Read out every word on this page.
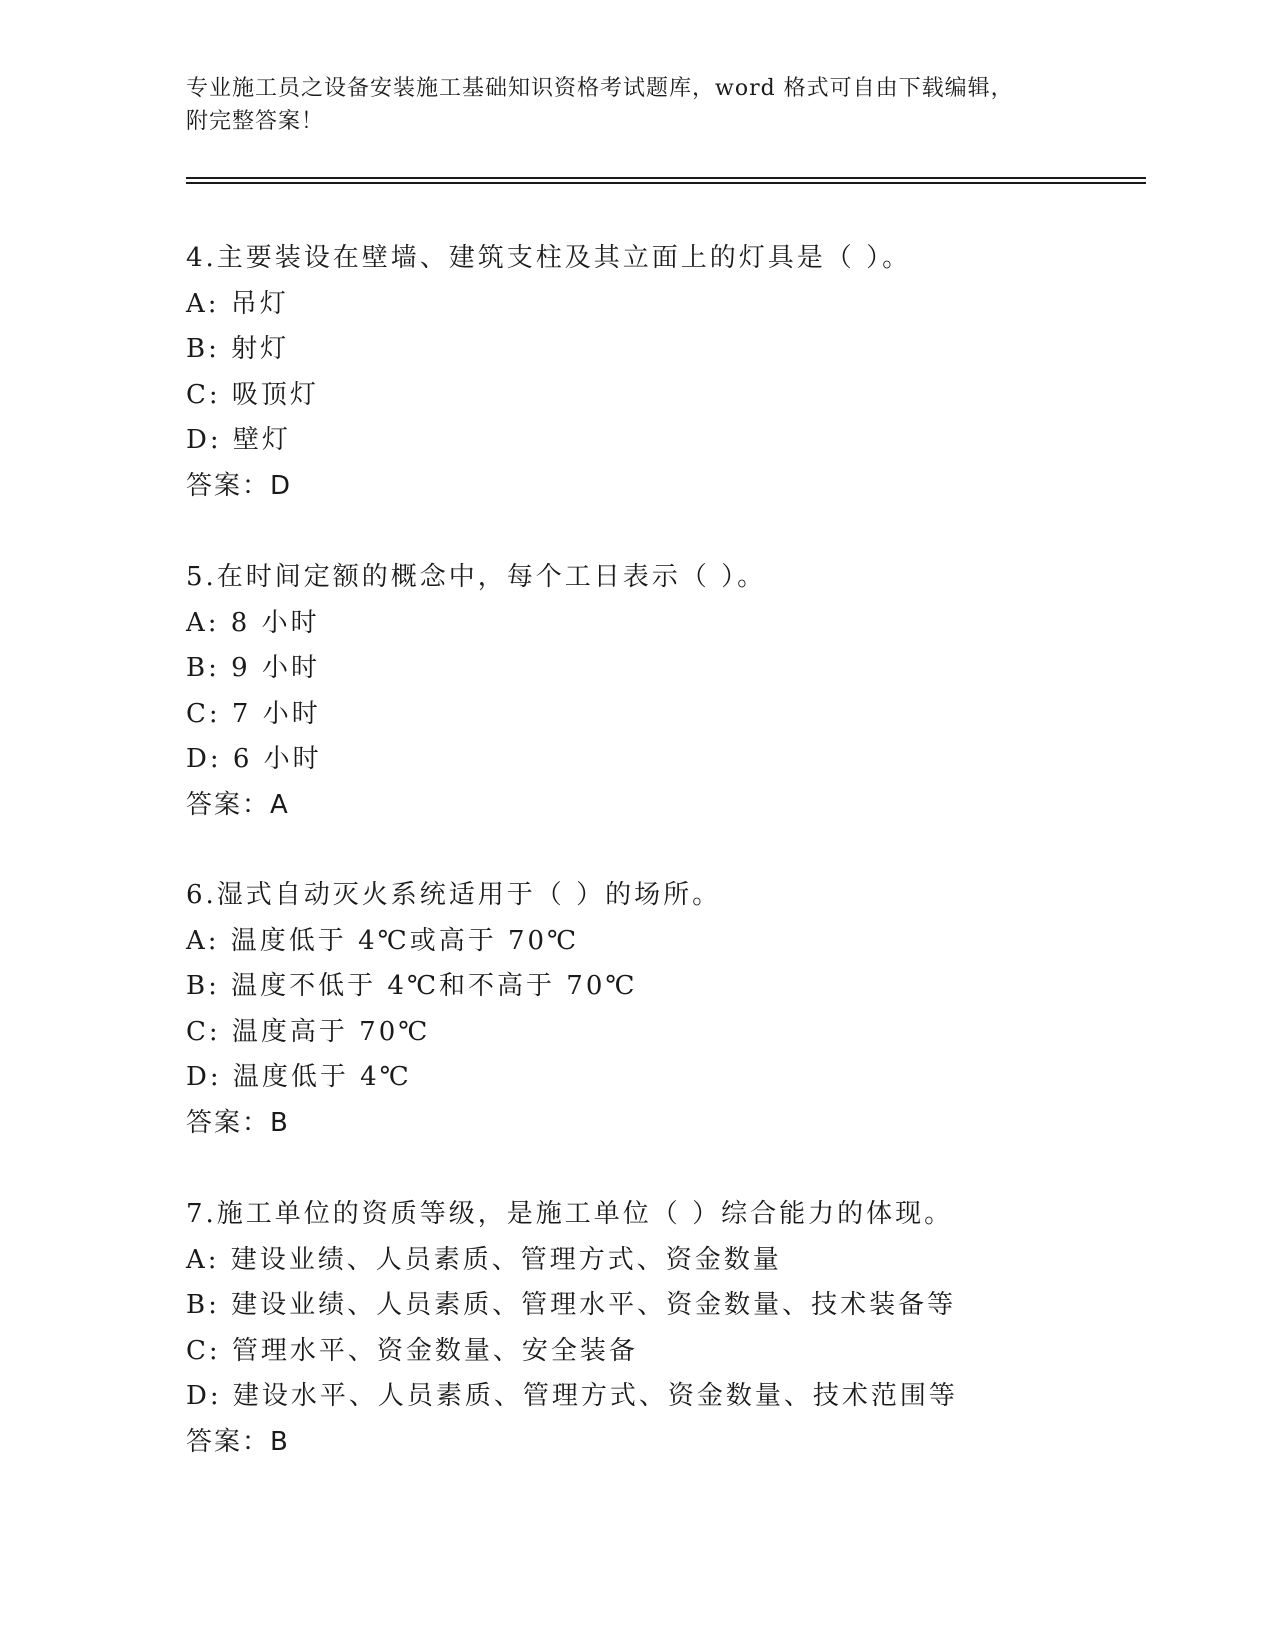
专业施工员之设备安装施工基础知识资格考试题库，word 格式可自由下载编辑，
附完整答案！
4.主要装设在壁墙、建筑支柱及其立面上的灯具是（ ）。
A: 吊灯
B: 射灯
C: 吸顶灯
D: 壁灯
答案：D
5.在时间定额的概念中，每个工日表示（ ）。
A: 8 小时
B: 9 小时
C: 7 小时
D: 6 小时
答案：A
6.湿式自动灭火系统适用于（ ）的场所。
A: 温度低于 4℃或高于 70℃
B: 温度不低于 4℃和不高于 70℃
C: 温度高于 70℃
D: 温度低于 4℃
答案：B
7.施工单位的资质等级，是施工单位（ ）综合能力的体现。
A: 建设业绩、人员素质、管理方式、资金数量
B: 建设业绩、人员素质、管理水平、资金数量、技术装备等
C: 管理水平、资金数量、安全装备
D: 建设水平、人员素质、管理方式、资金数量、技术范围等
答案：B
